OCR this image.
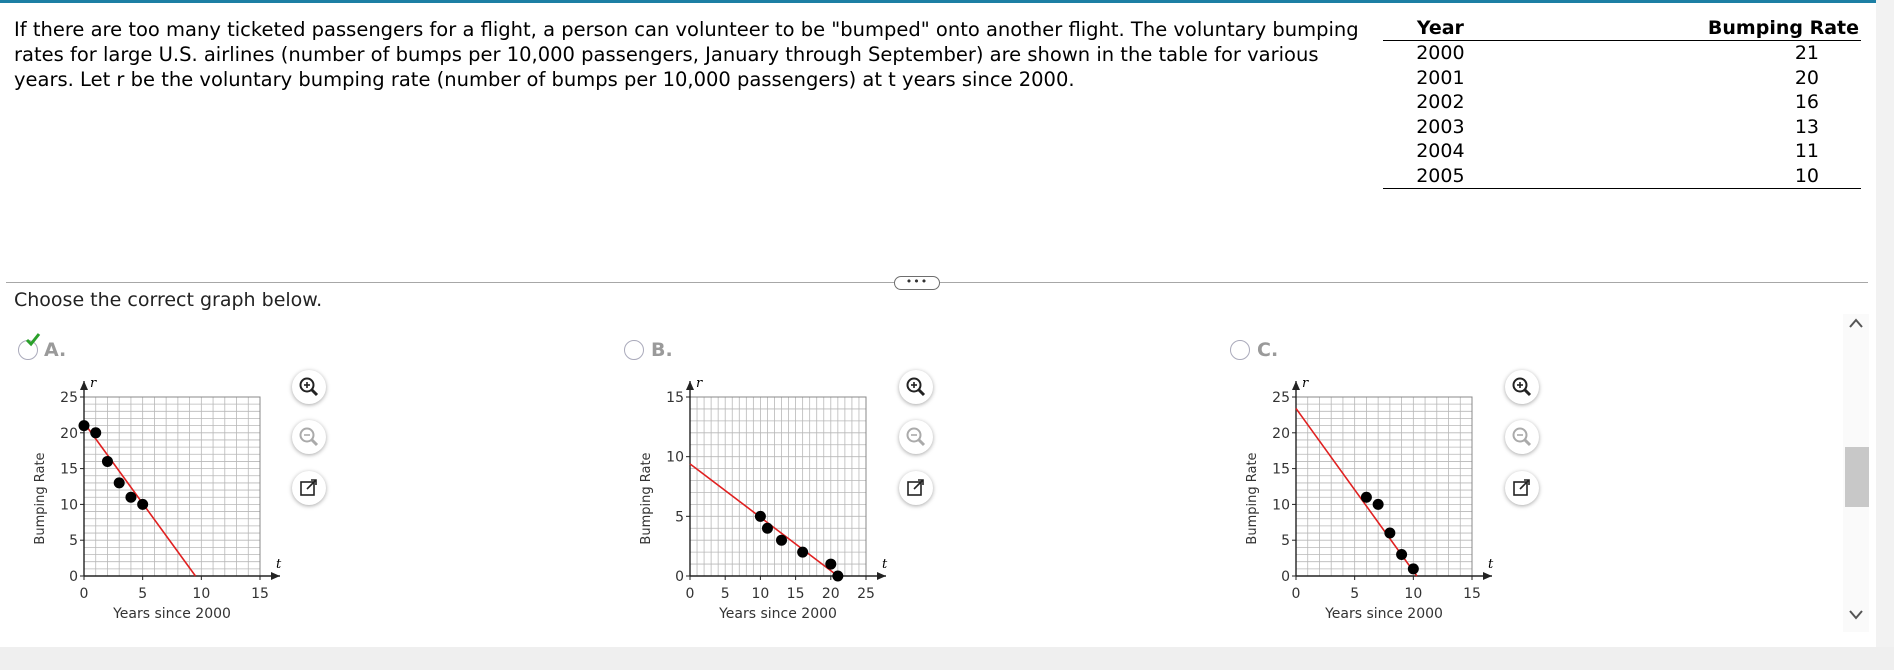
If there are too many ticketed passengers for a flight, a person can volunteer to be "bumped" onto another flight. The voluntary bumping rates for large U.S. airlines (number of bumps per 10,000 passengers, January through September) are shown in the table for various years. Let r be the voluntary bumping rate (number of bumps per 10,000 passengers) at t years since 2000.
Year	Bumping Rate
2000	21
2001	20
2002	16
2003	13
2004	11
2005	10
•••
Choose the correct graph below.
A.	B.	C.
t
r
0	5	10	15
0
5
10
15
20
25
Years since 2000
Bumping Rate
t
r
0 5 10 15 20 25
0
5
10
15
Years since 2000
Bumping Rate
t
r
0	5	10	15
0
5
10
15
20
25
Years since 2000
Bumping Rate
